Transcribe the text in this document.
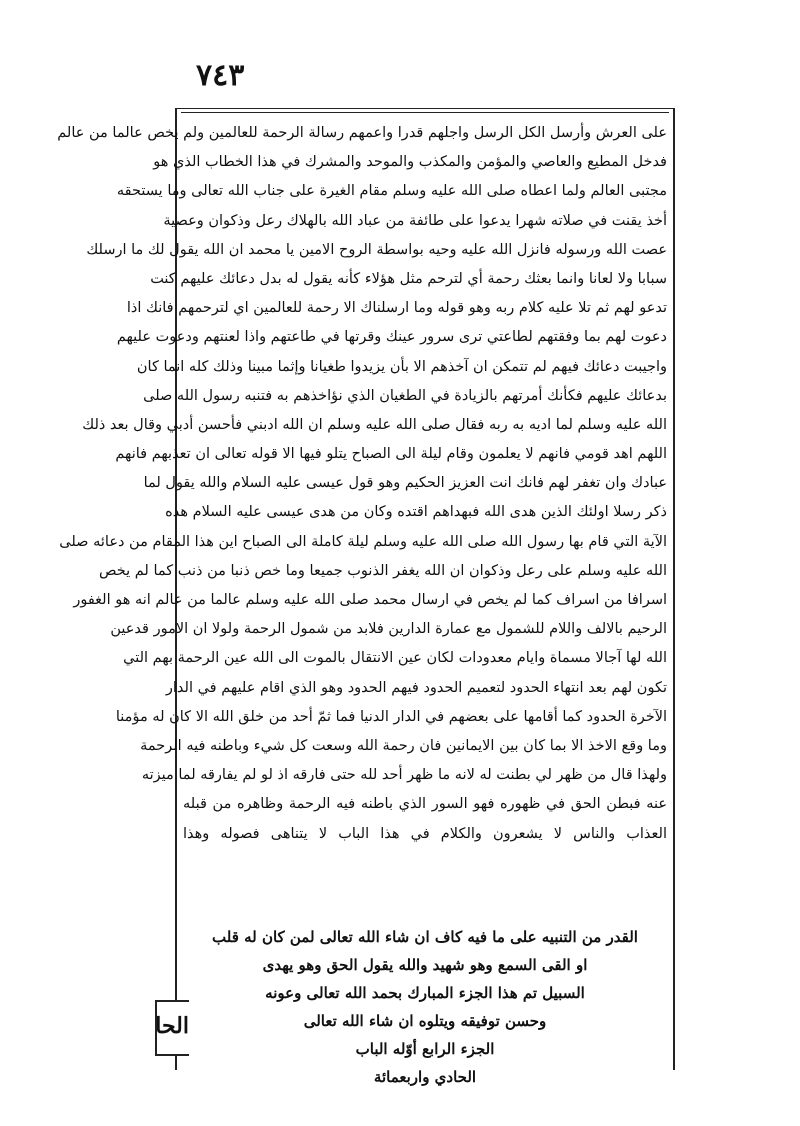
٧٤٣
على العرش وأرسل الكل الرسل واجلهم قدرا واعمهم رسالة الرحمة للعالمين ولم يخص عالما من عالم
فدخل المطيع والعاصي والمؤمن والمكذب والموحد والمشرك في هذا الخطاب الذي هو
مجتبى العالم ولما اعطاه صلى الله عليه وسلم مقام الغيرة على جناب الله تعالى وما يستحقه
أخذ يقنت في صلاته شهرا يدعوا على طائفة من عباد الله بالهلاك رعل وذكوان وعصية
عصت الله ورسوله فانزل الله عليه وحيه بواسطة الروح الامين يا محمد ان الله يقول لك ما ارسلك
سبابا ولا لعانا وانما بعثك رحمة أي لترحم مثل هؤلاء كأنه يقول له بدل دعائك عليهم كنت
تدعو لهم ثم تلا عليه كلام ربه وهو قوله وما ارسلناك الا رحمة للعالمين اي لترحمهم فانك اذا
دعوت لهم بما وفقتهم لطاعتي ترى سرور عينك وقرتها في طاعتهم واذا لعنتهم ودعوت عليهم
واجيبت دعائك فيهم لم تتمكن ان آخذهم الا بأن يزيدوا طغيانا وإثما مبينا وذلك كله انما كان
بدعائك عليهم فكأنك أمرتهم بالزيادة في الطغيان الذي نؤاخذهم به فتنبه رسول الله صلى
الله عليه وسلم لما اديه به ربه فقال صلى الله عليه وسلم ان الله ادبني فأحسن أدبي وقال بعد ذلك
اللهم اهد قومي فانهم لا يعلمون وقام ليلة الى الصباح يتلو فيها الا قوله تعالى ان تعذبهم فانهم
عبادك وان تغفر لهم فانك انت العزيز الحكيم وهو قول عيسى عليه السلام والله يقول لما
ذكر رسلا اولئك الذين هدى الله فبهداهم اقتده وكان من هدى عيسى عليه السلام هذه
الآية التي قام بها رسول الله صلى الله عليه وسلم ليلة كاملة الى الصباح اين هذا المقام من دعائه صلى
الله عليه وسلم على رعل وذكوان ان الله يغفر الذنوب جميعا وما خص ذنبا من ذنب كما لم يخص
اسرافا من اسراف كما لم يخص في ارسال محمد صلى الله عليه وسلم عالما من عالم انه هو الغفور
الرحيم بالالف واللام للشمول مع عمارة الدارين فلابد من شمول الرحمة ولولا ان الامور قدعين
الله لها آجالا مسماة وايام معدودات لكان عين الانتقال بالموت الى الله عين الرحمة بهم التي
تكون لهم بعد انتهاء الحدود لتعميم الحدود فيهم الحدود وهو الذي اقام عليهم في الدار
الآخرة الحدود كما أقامها على بعضهم في الدار الدنيا فما ثمّ أحد من خلق الله الا كان له مؤمنا
وما وقع الاخذ الا بما كان بين الايمانين فان رحمة الله وسعت كل شيء وباطنه فيه الرحمة
ولهذا قال من ظهر لي بطنت له لانه ما ظهر أحد لله حتى فارقه اذ لو لم يفارقه لما ميزته
عنه فبطن الحق في ظهوره فهو السور الذي باطنه فيه الرحمة وظاهره من قبله
العذاب والناس لا يشعرون والكلام في هذا الباب لا يتناهى فصوله وهذا
القدر من التنبيه على ما فيه كاف ان شاء الله تعالى لمن كان له قلب
او القى السمع وهو شهيد والله يقول الحق وهو يهدى
السبيل تم هذا الجزء المبارك بحمد الله تعالى وعونه
وحسن توفيقه ويتلوه ان شاء الله تعالى
الجزء الرابع أوّله الباب
الحادي واربعمائة
الحا
